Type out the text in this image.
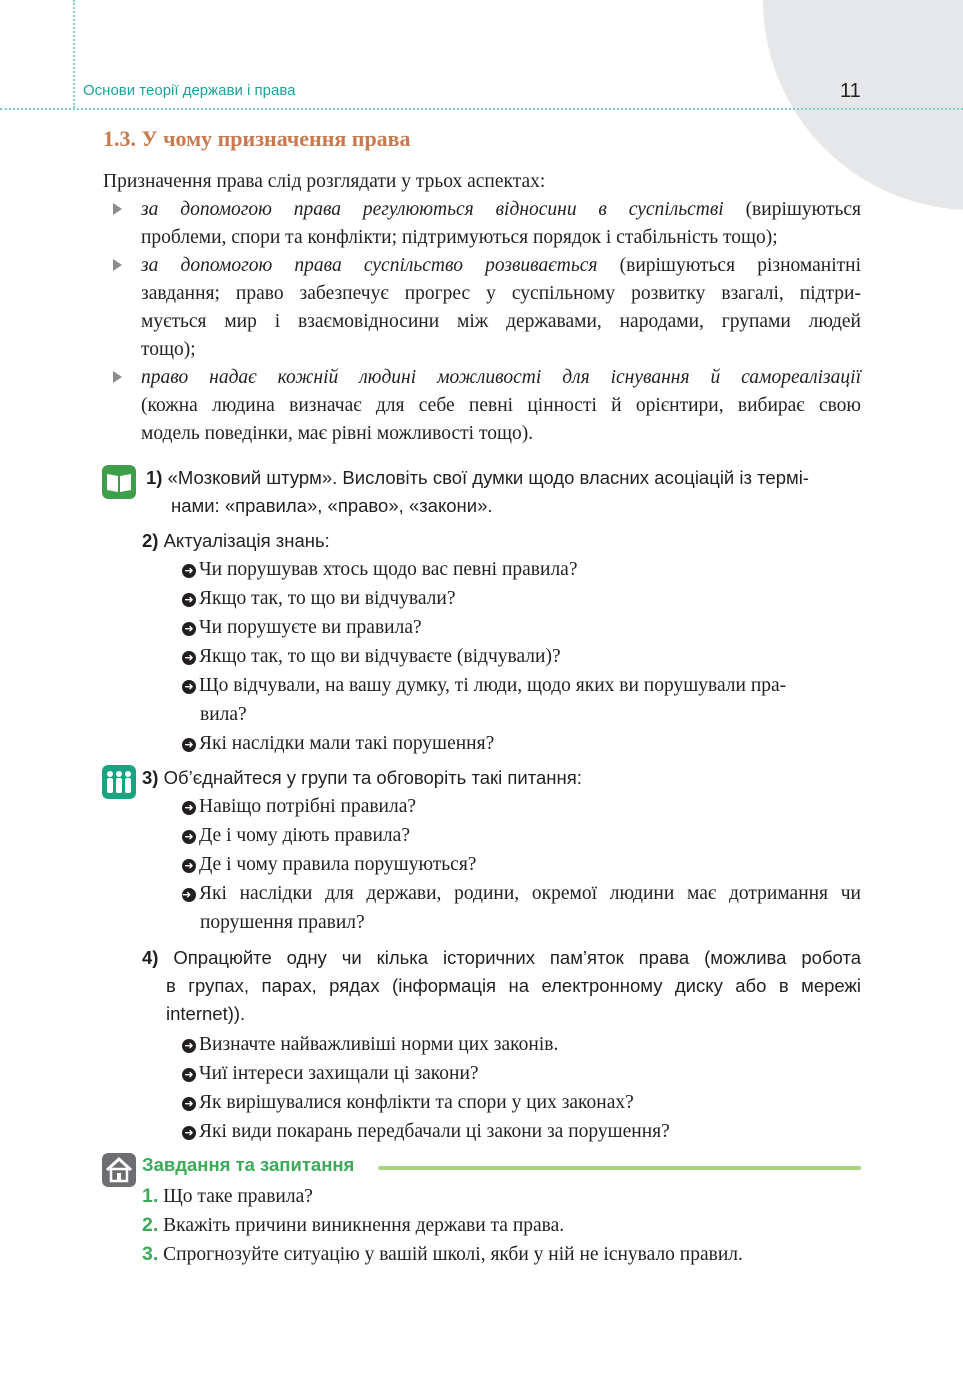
Основи теорії держави і права	11
1.3. У чому призначення права
Призначення права слід розглядати у трьох аспектах:
за допомогою права регулюються відносини в суспільстві (вирішуються
проблеми, спори та конфлікти; підтримуються порядок і стабільність тощо);
за допомогою права суспільство розвивається (вирішуються різноманітні
завдання; право забезпечує прогрес у суспільному розвитку взагалі, підтри-
мується мир і взаємовідносини між державами, народами, групами людей
тощо);
право надає кожній людині можливості для існування й самореалізації
(кожна людина визначає для себе певні цінності й орієнтири, вибирає свою
модель поведінки, має рівні можливості тощо).
1) «Мозковий штурм». Висловіть свої думки щодо власних асоціацій із термі-
нами: «правила», «право», «закони».
2) Актуалізація знань:
➜ Чи порушував хтось щодо вас певні правила?
➜ Якщо так, то що ви відчували?
➜ Чи порушуєте ви правила?
➜ Якщо так, то що ви відчуваєте (відчували)?
➜ Що відчували, на вашу думку, ті люди, щодо яких ви порушували пра-
вила?
➜ Які наслідки мали такі порушення?
3) Об’єднайтеся у групи та обговоріть такі питання:
➜ Навіщо потрібні правила?
➜ Де і чому діють правила?
➜ Де і чому правила порушуються?
➜ Які наслідки для держави, родини, окремої людини має дотримання чи
порушення правил?
4) Опрацюйте одну чи кілька історичних пам’яток права (можлива робота
в групах, парах, рядах (інформація на електронному диску або в мережі
internet)).
➜ Визначте найважливіші норми цих законів.
➜ Чиї інтереси захищали ці закони?
➜ Як вирішувалися конфлікти та спори у цих законах?
➜ Які види покарань передбачали ці закони за порушення?
Завдання та запитання
1. Що таке правила?
2. Вкажіть причини виникнення держави та права.
3. Спрогнозуйте ситуацію у вашій школі, якби у ній не існувало правил.
